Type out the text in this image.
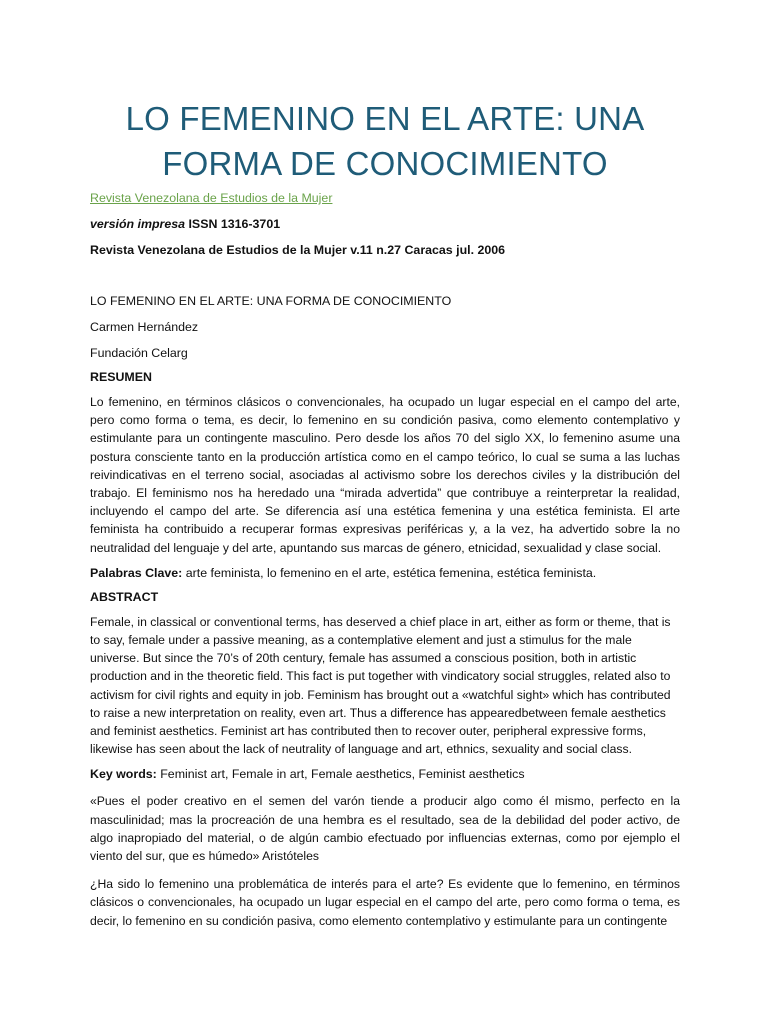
LO FEMENINO EN EL ARTE: UNA
FORMA DE CONOCIMIENTO
Revista Venezolana de Estudios de la Mujer

versión impresa ISSN 1316-3701

Revista Venezolana de Estudios de la Mujer v.11 n.27 Caracas jul. 2006

LO FEMENINO EN EL ARTE: UNA FORMA DE CONOCIMIENTO

Carmen Hernández

Fundación Celarg

RESUMEN

Lo femenino, en términos clásicos o convencionales, ha ocupado un lugar especial en el campo del arte, pero como forma o tema, es decir, lo femenino en su condición pasiva, como elemento contemplativo y estimulante para un contingente masculino. Pero desde los años 70 del siglo XX, lo femenino asume una postura consciente tanto en la producción artística como en el campo teórico, lo cual se suma a las luchas reivindicativas en el terreno social, asociadas al activismo sobre los derechos civiles y la distribución del trabajo. El feminismo nos ha heredado una “mirada advertida” que contribuye a reinterpretar la realidad, incluyendo el campo del arte. Se diferencia así una estética femenina y una estética feminista. El arte feminista ha contribuido a recuperar formas expresivas periféricas y, a la vez, ha advertido sobre la no neutralidad del lenguaje y del arte, apuntando sus marcas de género, etnicidad, sexualidad y clase social.

Palabras Clave: arte feminista, lo femenino en el arte, estética femenina, estética feminista.

ABSTRACT

Female, in classical or conventional terms, has deserved a chief place in art, either as form or theme, that is to say, female under a passive meaning, as a contemplative element and just a stimulus for the male universe. But since the 70’s of 20th century, female has assumed a conscious position, both in artistic production and in the theoretic field. This fact is put together with vindicatory social struggles, related also to activism for civil rights and equity in job. Feminism has brought out a «watchful sight» which has contributed to raise a new interpretation on reality, even art. Thus a difference has appearedbetween female aesthetics and feminist aesthetics. Feminist art has contributed then to recover outer, peripheral expressive forms, likewise has seen about the lack of neutrality of language and art, ethnics, sexuality and social class.

Key words: Feminist art, Female in art, Female aesthetics, Feminist aesthetics

«Pues el poder creativo en el semen del varón tiende a producir algo como él mismo, perfecto en la masculinidad; mas la procreación de una hembra es el resultado, sea de la debilidad del poder activo, de algo inapropiado del material, o de algún cambio efectuado por influencias externas, como por ejemplo el viento del sur, que es húmedo» Aristóteles

¿Ha sido lo femenino una problemática de interés para el arte? Es evidente que lo femenino, en términos clásicos o convencionales, ha ocupado un lugar especial en el campo del arte, pero como forma o tema, es decir, lo femenino en su condición pasiva, como elemento contemplativo y estimulante para un contingente
